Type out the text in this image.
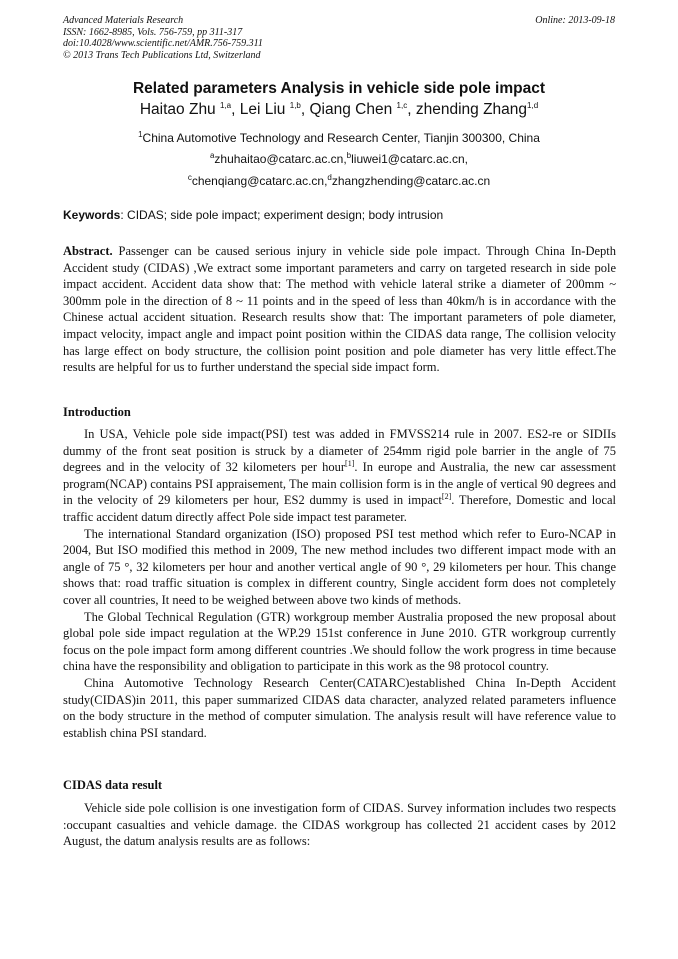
Advanced Materials Research
ISSN: 1662-8985, Vols. 756-759, pp 311-317
doi:10.4028/www.scientific.net/AMR.756-759.311
© 2013 Trans Tech Publications Ltd, Switzerland
Online: 2013-09-18
Related parameters Analysis in vehicle side pole impact
Haitao Zhu $^{1,a}$, Lei Liu $^{1,b}$, Qiang Chen $^{1,c}$, zhending Zhang$^{1,d}$
$^1$China Automotive Technology and Research Center, Tianjin 300300, China
$^a$zhuhaitao@catarc.ac.cn,$^b$liuwei1@catarc.ac.cn,
$^c$chenqiang@catarc.ac.cn,$^d$zhangzhending@catarc.ac.cn
Keywords: CIDAS; side pole impact; experiment design; body intrusion

Abstract. Passenger can be caused serious injury in vehicle side pole impact. Through China In-Depth Accident study (CIDAS) ,We extract some important parameters and carry on targeted research in side pole impact accident. Accident data show that: The method with vehicle lateral strike a diameter of 200mm ~ 300mm pole in the direction of 8 ~ 11 points and in the speed of less than 40km/h is in accordance with the Chinese actual accident situation. Research results show that: The important parameters of pole diameter, impact velocity, impact angle and impact point position within the CIDAS data range, The collision velocity has large effect on body structure, the collision point position and pole diameter has very little effect.The results are helpful for us to further understand the special side impact form.

Introduction

In USA, Vehicle pole side impact(PSI) test was added in FMVSS214 rule in 2007. ES2-re or SIDIIs dummy of the front seat position is struck by a diameter of 254mm rigid pole barrier in the angle of 75 degrees and in the velocity of 32 kilometers per hour[1]. In europe and Australia, the new car assessment program(NCAP) contains PSI appraisement, The main collision form is in the angle of vertical 90 degrees and in the velocity of 29 kilometers per hour, ES2 dummy is used in impact[2]. Therefore, Domestic and local traffic accident datum directly affect Pole side impact test parameter.

The international Standard organization (ISO) proposed PSI test method which refer to Euro-NCAP in 2004, But ISO modified this method in 2009, The new method includes two different impact mode with an angle of 75 °, 32 kilometers per hour and another vertical angle of 90 °, 29 kilometers per hour. This change shows that: road traffic situation is complex in different country, Single accident form does not completely cover all countries, It need to be weighed between above two kinds of methods.

The Global Technical Regulation (GTR) workgroup member Australia proposed the new proposal about global pole side impact regulation at the WP.29 151st conference in June 2010. GTR workgroup currently focus on the pole impact form among different countries .We should follow the work progress in time because china have the responsibility and obligation to participate in this work as the 98 protocol country.

China Automotive Technology Research Center(CATARC)established China In-Depth Accident study(CIDAS)in 2011, this paper summarized CIDAS data character, analyzed related parameters influence on the body structure in the method of computer simulation. The analysis result will have reference value to establish china PSI standard.

CIDAS data result

Vehicle side pole collision is one investigation form of CIDAS. Survey information includes two respects :occupant casualties and vehicle damage. the CIDAS workgroup has collected 21 accident cases by 2012 August, the datum analysis results are as follows:
